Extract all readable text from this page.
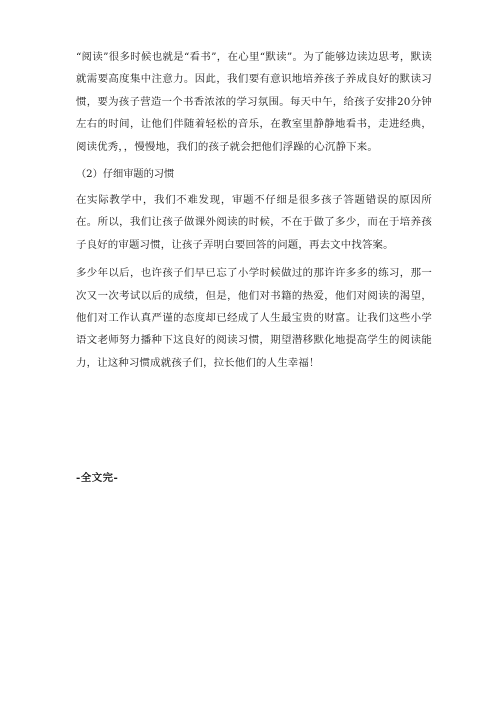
“阅读”很多时候也就是“看书”，在心里“默读”。为了能够边读边思考，默读就需要高度集中注意力。因此，我们要有意识地培养孩子养成良好的默读习惯，要为孩子营造一个书香浓浓的学习氛围。每天中午，给孩子安排20分钟左右的时间，让他们伴随着轻松的音乐，在教室里静静地看书，走进经典，阅读优秀，，慢慢地，我们的孩子就会把他们浮躁的心沉静下来。

（2）仔细审题的习惯

在实际教学中，我们不难发现，审题不仔细是很多孩子答题错误的原因所在。所以，我们让孩子做课外阅读的时候，不在于做了多少，而在于培养孩子良好的审题习惯，让孩子弄明白要回答的问题，再去文中找答案。

多少年以后，也许孩子们早已忘了小学时候做过的那许许多多的练习，那一次又一次考试以后的成绩，但是，他们对书籍的热爱，他们对阅读的渴望，他们对工作认真严谨的态度却已经成了人生最宝贵的财富。让我们这些小学语文老师努力播种下这良好的阅读习惯，期望潜移默化地提高学生的阅读能力，让这种习惯成就孩子们，拉长他们的人生幸福！

-全文完-
